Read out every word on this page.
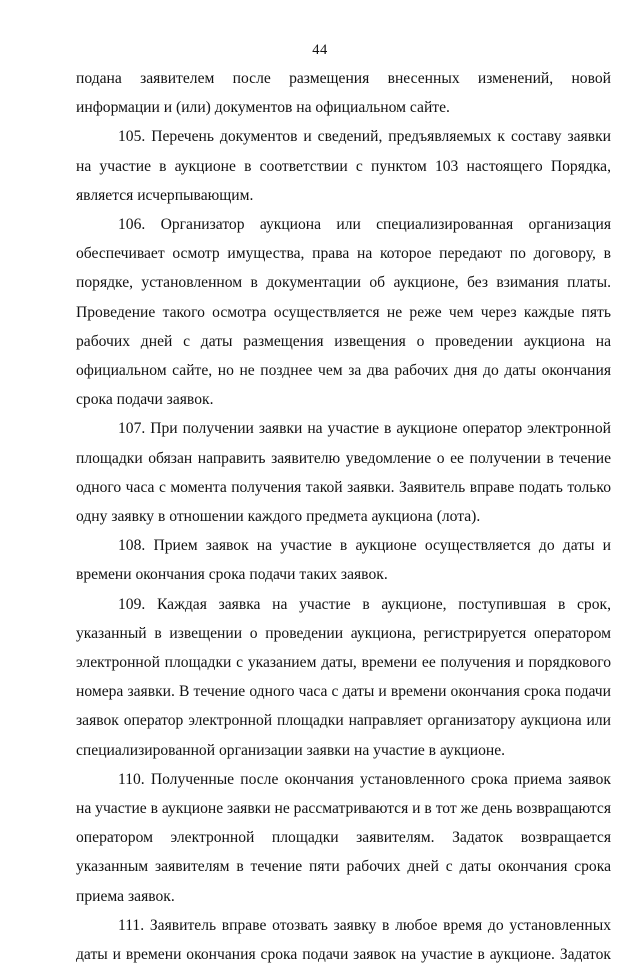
44

подана заявителем после размещения внесенных изменений, новой информации и (или) документов на официальном сайте.

105. Перечень документов и сведений, предъявляемых к составу заявки на участие в аукционе в соответствии с пунктом 103 настоящего Порядка, является исчерпывающим.

106. Организатор аукциона или специализированная организация обеспечивает осмотр имущества, права на которое передают по договору, в порядке, установленном в документации об аукционе, без взимания платы. Проведение такого осмотра осуществляется не реже чем через каждые пять рабочих дней с даты размещения извещения о проведении аукциона на официальном сайте, но не позднее чем за два рабочих дня до даты окончания срока подачи заявок.

107. При получении заявки на участие в аукционе оператор электронной площадки обязан направить заявителю уведомление о ее получении в течение одного часа с момента получения такой заявки. Заявитель вправе подать только одну заявку в отношении каждого предмета аукциона (лота).

108. Прием заявок на участие в аукционе осуществляется до даты и времени окончания срока подачи таких заявок.

109. Каждая заявка на участие в аукционе, поступившая в срок, указанный в извещении о проведении аукциона, регистрируется оператором электронной площадки с указанием даты, времени ее получения и порядкового номера заявки. В течение одного часа с даты и времени окончания срока подачи заявок оператор электронной площадки направляет организатору аукциона или специализированной организации заявки на участие в аукционе.

110. Полученные после окончания установленного срока приема заявок на участие в аукционе заявки не рассматриваются и в тот же день возвращаются оператором электронной площадки заявителям. Задаток возвращается указанным заявителям в течение пяти рабочих дней с даты окончания срока приема заявок.

111. Заявитель вправе отозвать заявку в любое время до установленных даты и времени окончания срока подачи заявок на участие в аукционе. Задаток
